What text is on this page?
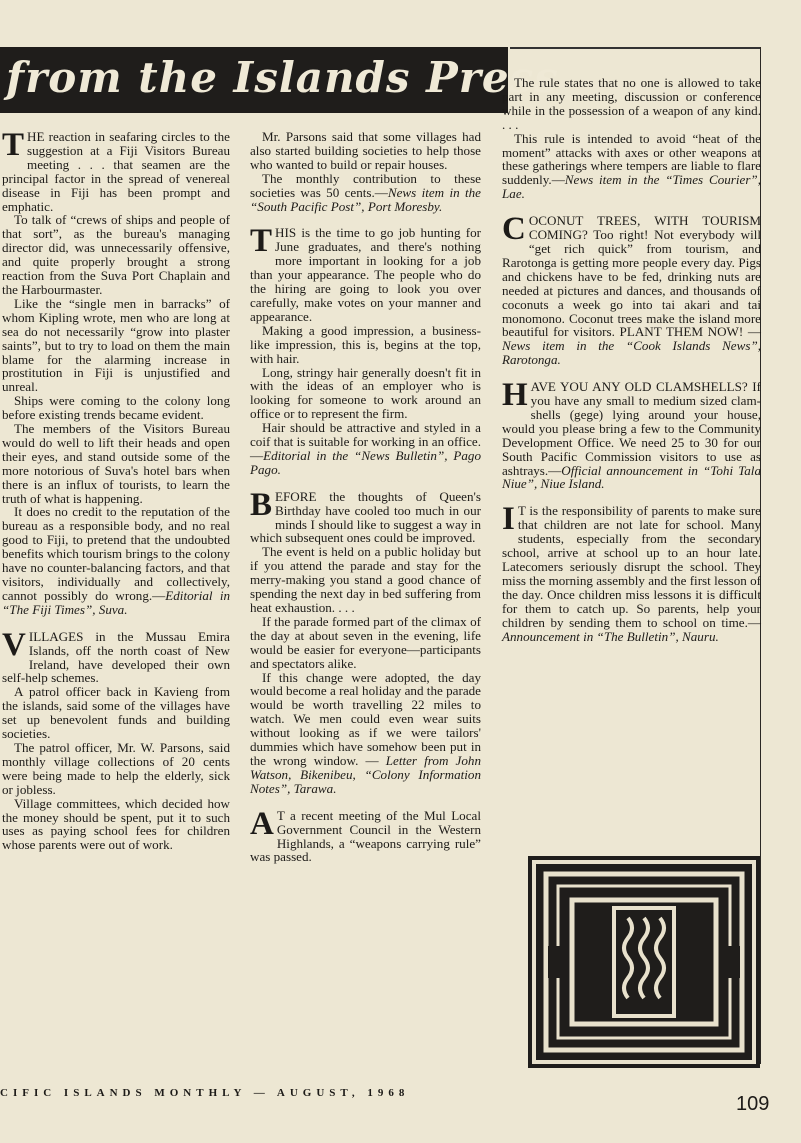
from the Islands Press

THE reaction in seafaring circles to the suggestion at a Fiji Visitors Bureau meeting . . . that seamen are the principal factor in the spread of venereal disease in Fiji has been prompt and emphatic.

To talk of “crews of ships and people of that sort”, as the bureau's managing director did, was unnecessarily offensive, and quite properly brought a strong reaction from the Suva Port Chaplain and the Harbourmaster.

Like the “single men in barracks” of whom Kipling wrote, men who are long at sea do not necessarily “grow into plaster saints”, but to try to load on them the main blame for the alarming increase in prostitution in Fiji is unjustified and unreal.

Ships were coming to the colony long before existing trends became evident.

The members of the Visitors Bureau would do well to lift their heads and open their eyes, and stand outside some of the more notorious of Suva's hotel bars when there is an influx of tourists, to learn the truth of what is happening.

It does no credit to the reputation of the bureau as a responsible body, and no real good to Fiji, to pretend that the undoubted benefits which tourism brings to the colony have no counter-balancing factors, and that visitors, individually and collectively, cannot possibly do wrong.—Editorial in “The Fiji Times”, Suva.

VILLAGES in the Mussau Emira Islands, off the north coast of New Ireland, have developed their own self-help schemes.

A patrol officer back in Kavieng from the islands, said some of the villages have set up benevolent funds and building societies.

The patrol officer, Mr. W. Parsons, said monthly village collections of 20 cents were being made to help the elderly, sick or jobless.

Village committees, which decided how the money should be spent, put it to such uses as paying school fees for children whose parents were out of work.

Mr. Parsons said that some villages had also started building societies to help those who wanted to build or repair houses.

The monthly contribution to these societies was 50 cents.—News item in the “South Pacific Post”, Port Moresby.

THIS is the time to go job hunting for June graduates, and there's nothing more important in looking for a job than your appearance. The people who do the hiring are going to look you over carefully, make votes on your manner and appearance.

Making a good impression, a business-like impression, this is, begins at the top, with hair.

Long, stringy hair generally doesn't fit in with the ideas of an employer who is looking for someone to work around an office or to represent the firm.

Hair should be attractive and styled in a coif that is suitable for working in an office.—Editorial in the “News Bulletin”, Pago Pago.

BEFORE the thoughts of Queen's Birthday have cooled too much in our minds I should like to suggest a way in which subsequent ones could be improved.

The event is held on a public holiday but if you attend the parade and stay for the merry-making you stand a good chance of spending the next day in bed suffering from heat exhaustion. . . .

If the parade formed part of the climax of the day at about seven in the evening, life would be easier for everyone—participants and spectators alike.

If this change were adopted, the day would become a real holiday and the parade would be worth travelling 22 miles to watch. We men could even wear suits without looking as if we were tailors' dummies which have somehow been put in the wrong window. — Letter from John Watson, Bikenibeu, “Colony Information Notes”, Tarawa.

A T a recent meeting of the Mul Local Government Council in the Western Highlands, a “weapons carrying rule” was passed.

The rule states that no one is allowed to take part in any meeting, discussion or conference while in the possession of a weapon of any kind. . . .

This rule is intended to avoid “heat of the moment” attacks with axes or other weapons at these gatherings where tempers are liable to flare suddenly.—News item in the “Times Courier”, Lae.

COCONUT TREES, WITH TOURISM COMING? Too right! Not everybody will “get rich quick” from tourism, and Rarotonga is getting more people every day. Pigs and chickens have to be fed, drinking nuts are needed at pictures and dances, and thousands of coconuts a week go into tai akari and tai monomono. Coconut trees make the island more beautiful for visitors. PLANT THEM NOW! — News item in the “Cook Islands News”, Rarotonga.

HAVE YOU ANY OLD CLAMSHELLS? If you have any small to medium sized clam-shells (gege) lying around your house, would you please bring a few to the Community Development Office. We need 25 to 30 for our South Pacific Commission visitors to use as ashtrays.—Official announcement in “Tohi Tala Niue”, Niue Island.

I T is the responsibility of parents to make sure that children are not late for school. Many students, especially from the secondary school, arrive at school up to an hour late. Latecomers seriously disrupt the school. They miss the morning assembly and the first lesson of the day. Once children miss lessons it is difficult for them to catch up. So parents, help your children by sending them to school on time.—Announcement in “The Bulletin”, Nauru.

CIFIC ISLANDS MONTHLY — AUGUST, 1968	109
